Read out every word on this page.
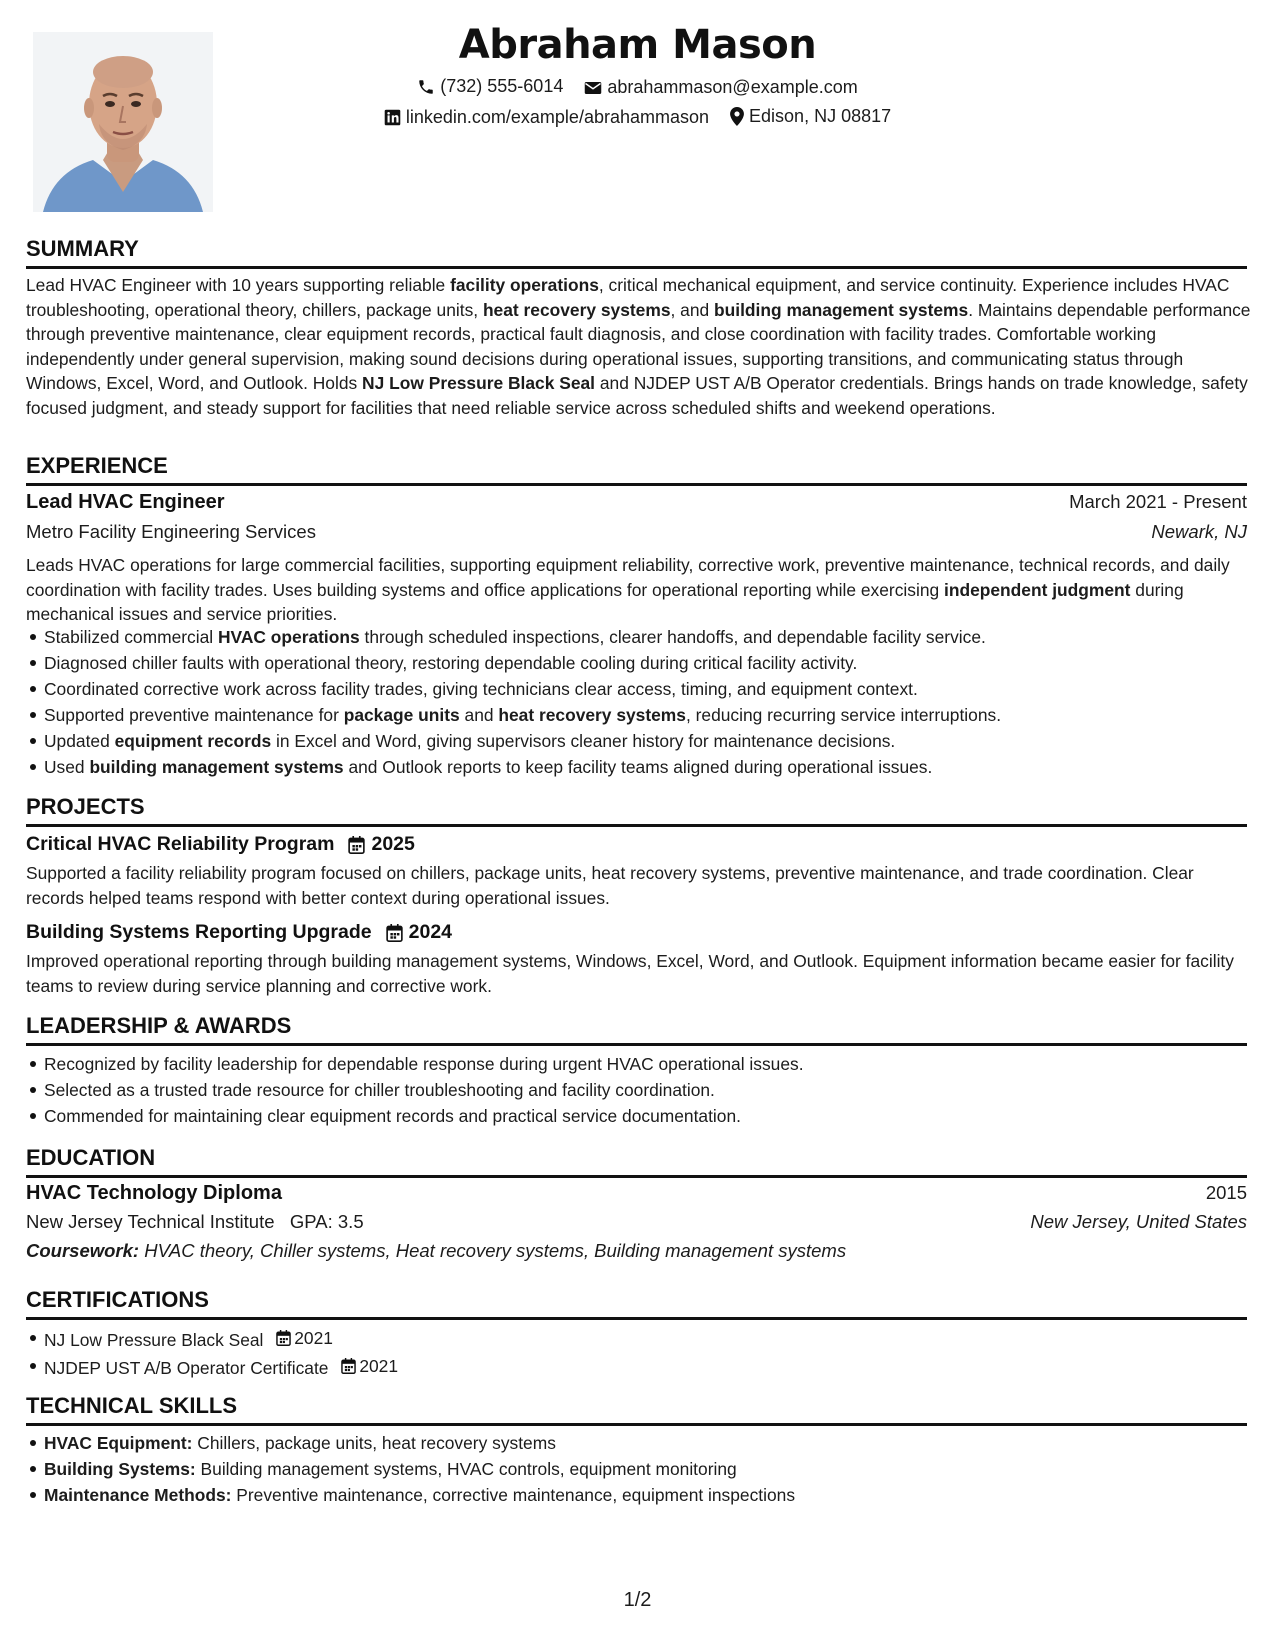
Abraham Mason
(732) 555-6014
abrahammason@example.com
linkedin.com/example/abrahammason
Edison, NJ 08817
SUMMARY
Lead HVAC Engineer with 10 years supporting reliable facility operations, critical mechanical equipment, and service continuity. Experience includes HVAC troubleshooting, operational theory, chillers, package units, heat recovery systems, and building management systems. Maintains dependable performance through preventive maintenance, clear equipment records, practical fault diagnosis, and close coordination with facility trades. Comfortable working independently under general supervision, making sound decisions during operational issues, supporting transitions, and communicating status through Windows, Excel, Word, and Outlook. Holds NJ Low Pressure Black Seal and NJDEP UST A/B Operator credentials. Brings hands on trade knowledge, safety focused judgment, and steady support for facilities that need reliable service across scheduled shifts and weekend operations.
EXPERIENCE
Lead HVAC Engineer	March 2021 - Present
Metro Facility Engineering Services	Newark, NJ
Leads HVAC operations for large commercial facilities, supporting equipment reliability, corrective work, preventive maintenance, technical records, and daily coordination with facility trades. Uses building systems and office applications for operational reporting while exercising independent judgment during mechanical issues and service priorities.
Stabilized commercial HVAC operations through scheduled inspections, clearer handoffs, and dependable facility service.
Diagnosed chiller faults with operational theory, restoring dependable cooling during critical facility activity.
Coordinated corrective work across facility trades, giving technicians clear access, timing, and equipment context.
Supported preventive maintenance for package units and heat recovery systems, reducing recurring service interruptions.
Updated equipment records in Excel and Word, giving supervisors cleaner history for maintenance decisions.
Used building management systems and Outlook reports to keep facility teams aligned during operational issues.
PROJECTS
Critical HVAC Reliability Program 2025
Supported a facility reliability program focused on chillers, package units, heat recovery systems, preventive maintenance, and trade coordination. Clear records helped teams respond with better context during operational issues.
Building Systems Reporting Upgrade 2024
Improved operational reporting through building management systems, Windows, Excel, Word, and Outlook. Equipment information became easier for facility teams to review during service planning and corrective work.
LEADERSHIP & AWARDS
Recognized by facility leadership for dependable response during urgent HVAC operational issues.
Selected as a trusted trade resource for chiller troubleshooting and facility coordination.
Commended for maintaining clear equipment records and practical service documentation.
EDUCATION
HVAC Technology Diploma	2015
New Jersey Technical Institute GPA: 3.5	New Jersey, United States
Coursework: HVAC theory, Chiller systems, Heat recovery systems, Building management systems
CERTIFICATIONS
NJ Low Pressure Black Seal 2021
NJDEP UST A/B Operator Certificate 2021
TECHNICAL SKILLS
HVAC Equipment: Chillers, package units, heat recovery systems
Building Systems: Building management systems, HVAC controls, equipment monitoring
Maintenance Methods: Preventive maintenance, corrective maintenance, equipment inspections
1/2
